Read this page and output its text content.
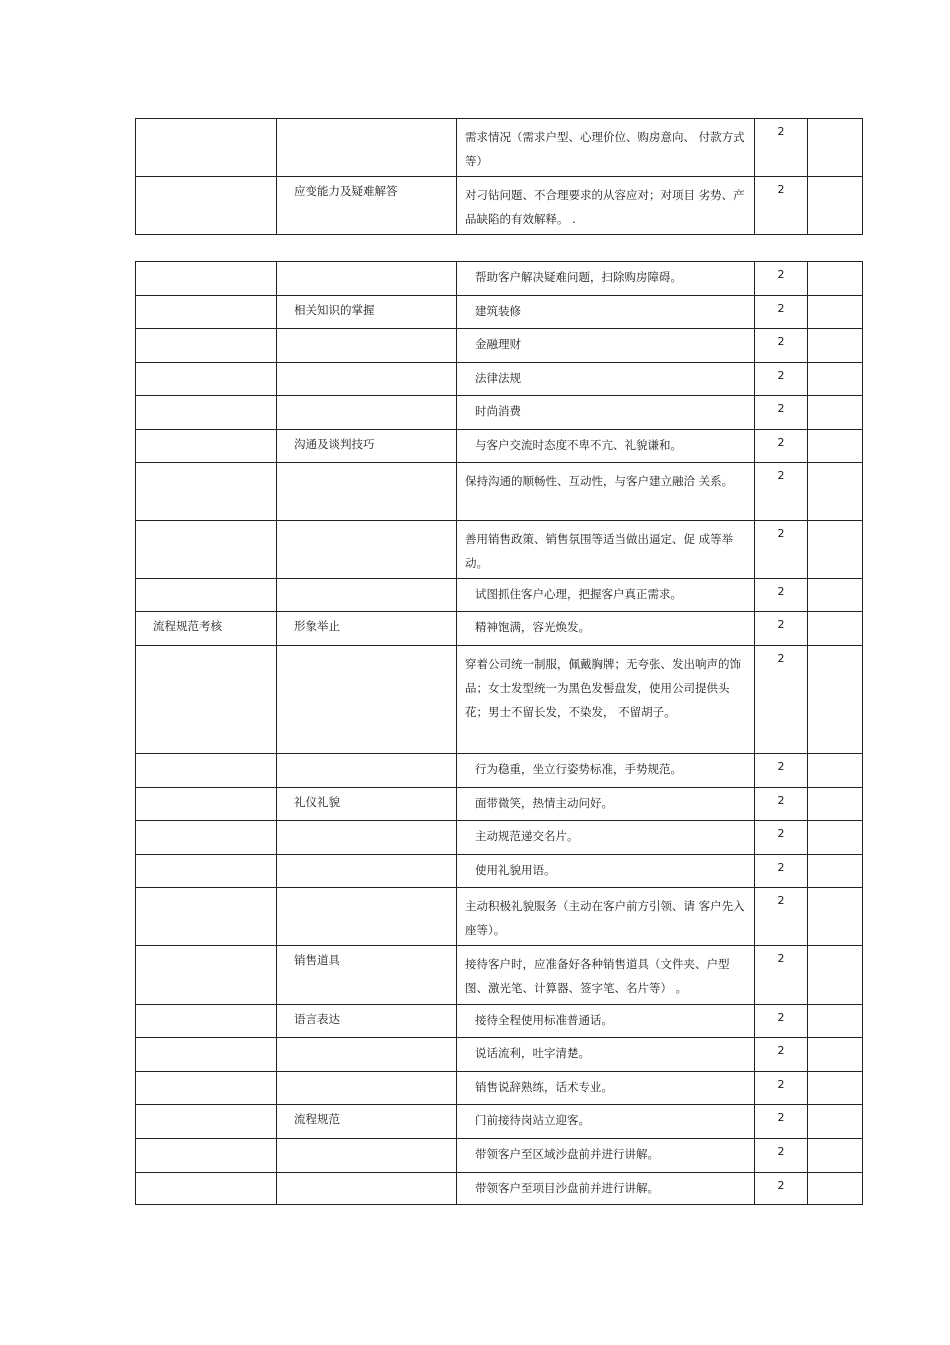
		需求情况（需求户型、心理价位、购房意向、 付款方式等）	2	
	应变能力及疑难解答	对刁钻问题、不合理要求的从容应对；对项目 劣势、产品缺陷的有效解释。 .	2	
		帮助客户解决疑难问题，扫除购房障碍。	2	
	相关知识的掌握	建筑装修	2	
		金融理财	2	
		法律法规	2	
		时尚消费	2	
	沟通及谈判技巧	与客户交流时态度不卑不亢、礼貌谦和。	2	
		保持沟通的顺畅性、互动性，与客户建立融洽 关系。	2	
		善用销售政策、销售氛围等适当做出逼定、促 成等举动。	2	
		试图抓住客户心理，把握客户真正需求。	2	
流程规范考核	形象举止	精神饱满，容光焕发。	2	
		穿着公司统一制服，佩戴胸牌；无夸张、发出响声的饰品；女士发型统一为黑色发髻盘发，使用公司提供头花；男士不留长发，不染发， 不留胡子。	2	
		行为稳重，坐立行姿势标准，手势规范。	2	
	礼仪礼貌	面带微笑，热情主动问好。	2	
		主动规范递交名片。	2	
		使用礼貌用语。	2	
		主动积极礼貌服务（主动在客户前方引领、请 客户先入座等）。	2	
	销售道具	接待客户时，应准备好各种销售道具（文件夹、户型图、激光笔、计算器、签字笔、名片等） 。	2	
	语言表达	接待全程使用标准普通话。	2	
		说话流利，吐字清楚。	2	
		销售说辞熟练，话术专业。	2	
	流程规范	门前接待岗站立迎客。	2	
		带领客户至区域沙盘前并进行讲解。	2	
		带领客户至项目沙盘前并进行讲解。	2	
